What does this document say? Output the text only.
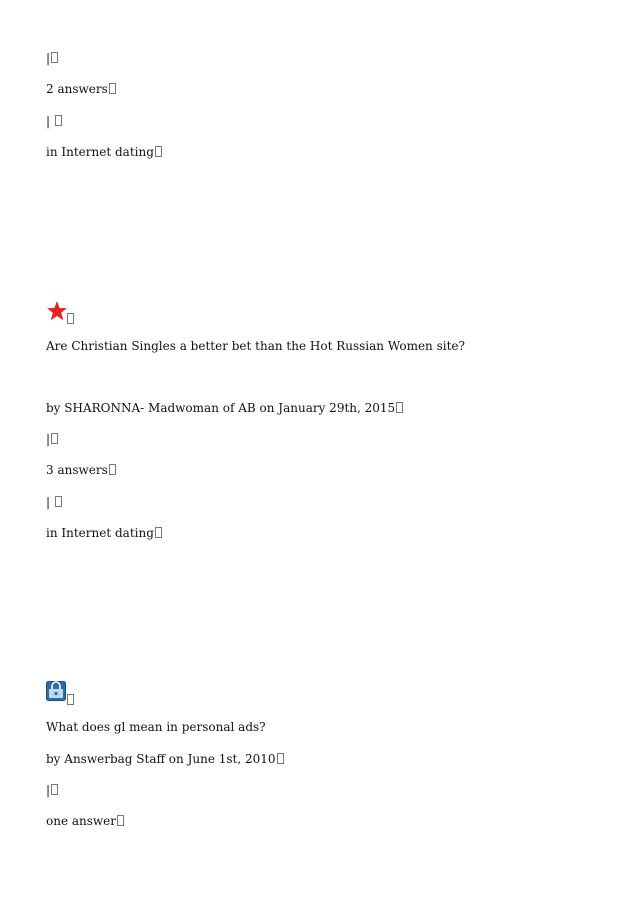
|
2 answers
|
in Internet dating
Are Christian Singles a better bet than the Hot Russian Women site?
by SHARONNA- Madwoman of AB on January 29th, 2015
|
3 answers
|
in Internet dating
What does gl mean in personal ads?
by Answerbag Staff on June 1st, 2010
|
one answer
